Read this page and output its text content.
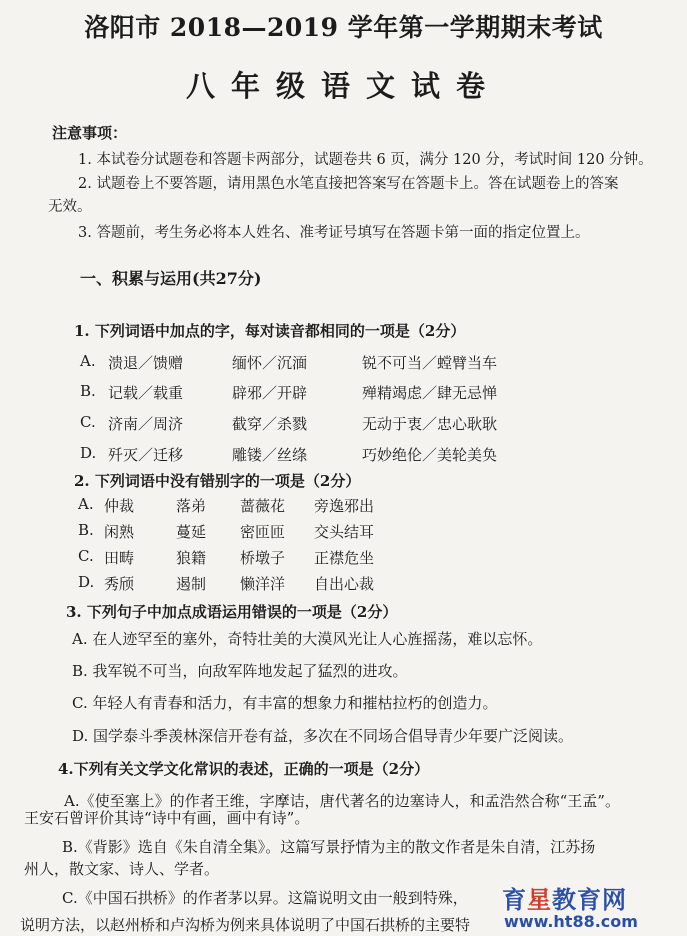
洛阳市 2018—2019 学年第一学期期末考试
八年级语文试卷
注意事项：
1. 本试卷分试题卷和答题卡两部分，试题卷共 6 页，满分 120 分，考试时间 120 分钟。
2. 试题卷上不要答题，请用黑色水笔直接把答案写在答题卡上。答在试题卷上的答案
无效。
3. 答题前，考生务必将本人姓名、准考证号填写在答题卡第一面的指定位置上。
一、积累与运用(共27分)
1. 下列词语中加点的字，每对读音都相同的一项是（2分）
A. 溃退／馈赠	缅怀／沉湎	锐不可当／螳臂当车
B. 记载／载重	辟邪／开辟	殚精竭虑／肆无忌惮
C. 济南／周济	截穿／杀戮	无动于衷／忠心耿耿
D. 歼灭／迁移	雕镂／丝绦	巧妙绝伦／美轮美奂
2. 下列词语中没有错别字的一项是（2分）
A. 仲裁	落弟 蔷薇花 旁逸邪出
B. 闲熟	蔓延 密匝匝 交头结耳
C. 田畴	狼籍 桥墩子 正襟危坐
D. 秀颀	遏制 懒洋洋 自出心裁
3. 下列句子中加点成语运用错误的一项是（2分）
A. 在人迹罕至的塞外，奇特壮美的大漠风光让人心旌摇荡，难以忘怀。
B. 我军锐不可当，向敌军阵地发起了猛烈的进攻。
C. 年轻人有青春和活力，有丰富的想象力和摧枯拉朽的创造力。
D. 国学泰斗季羡林深信开卷有益，多次在不同场合倡导青少年要广泛阅读。
4.下列有关文学文化常识的表述，正确的一项是（2分）
A.《使至塞上》的作者王维，字摩诘，唐代著名的边塞诗人，和孟浩然合称“王孟”。
王安石曾评价其诗“诗中有画，画中有诗”。
B.《背影》选自《朱自清全集》。这篇写景抒情为主的散文作者是朱自清，江苏扬
州人，散文家、诗人、学者。
C.《中国石拱桥》的作者茅以昇。这篇说明文由一般到特殊，
说明方法，以赵州桥和卢沟桥为例来具体说明了中国石拱桥的主要特
育星教育网
www.ht88.com
